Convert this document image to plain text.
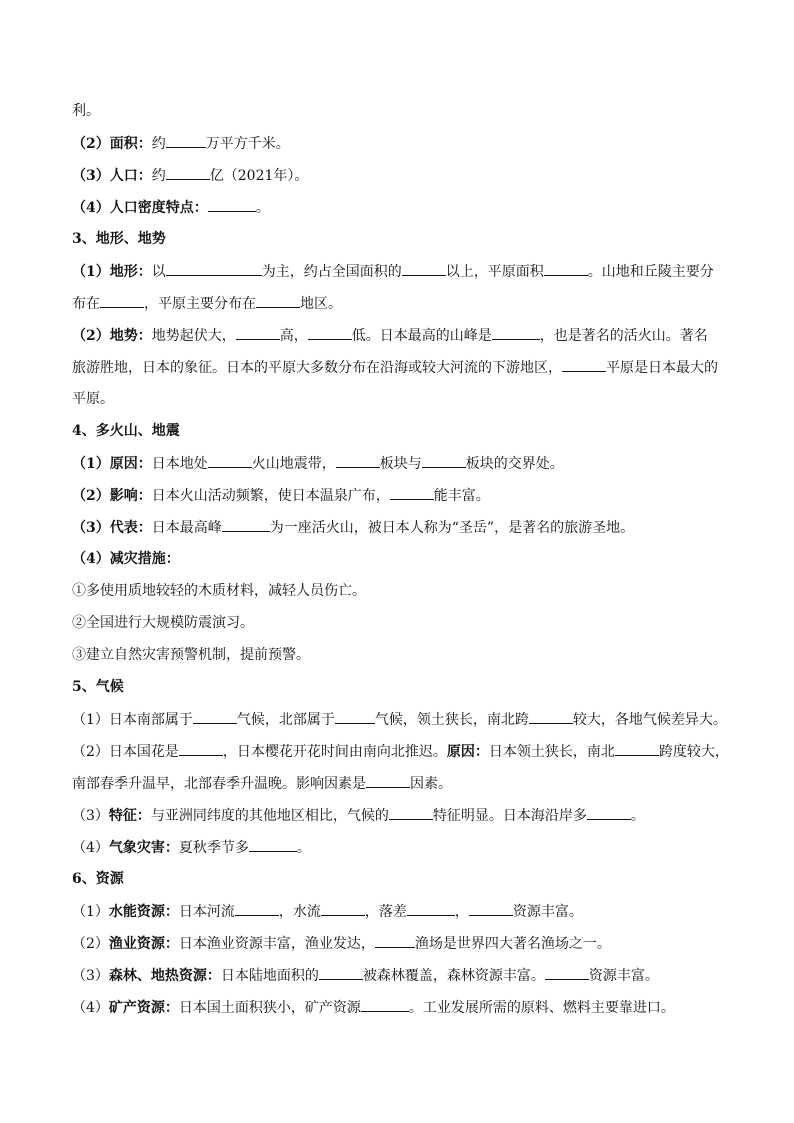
利。
（2）面积：约	万平方千米。
（3）人口：约	亿（2021年）。
（4）人口密度特点：	。
3、地形、地势
（1）地形：以	为主，约占全国面积的	以上，平原面积	。山地和丘陵主要分
布在	，平原主要分布在	地区。
（2）地势：地势起伏大，	高，	低。日本最高的山峰是	，也是著名的活火山。著名
旅游胜地，日本的象征。日本的平原大多数分布在沿海或较大河流的下游地区，	平原是日本最大的
平原。
4、多火山、地震
（1）原因：日本地处	火山地震带，	板块与	板块的交界处。
（2）影响：日本火山活动频繁，使日本温泉广布，	能丰富。
（3）代表：日本最高峰	为一座活火山，被日本人称为“圣岳”，是著名的旅游圣地。
（4）减灾措施：
①多使用质地较轻的木质材料，减轻人员伤亡。
②全国进行大规模防震演习。
③建立自然灾害预警机制，提前预警。
5、气候
（1）日本南部属于	气候，北部属于	气候，领土狭长，南北跨	较大，各地气候差异大。
（2）日本国花是	，日本樱花开花时间由南向北推迟。原因：日本领土狭长，南北	跨度较大，
南部春季升温早，北部春季升温晚。影响因素是	因素。
（3）特征：与亚洲同纬度的其他地区相比，气候的	特征明显。日本海沿岸多	。
（4）气象灾害：夏秋季节多	。
6、资源
（1）水能资源：日本河流	，水流	，落差	，	资源丰富。
（2）渔业资源：日本渔业资源丰富，渔业发达，	渔场是世界四大著名渔场之一。
（3）森林、地热资源：日本陆地面积的	被森林覆盖，森林资源丰富。	资源丰富。
（4）矿产资源：日本国土面积狭小，矿产资源	。工业发展所需的原料、燃料主要靠进口。
